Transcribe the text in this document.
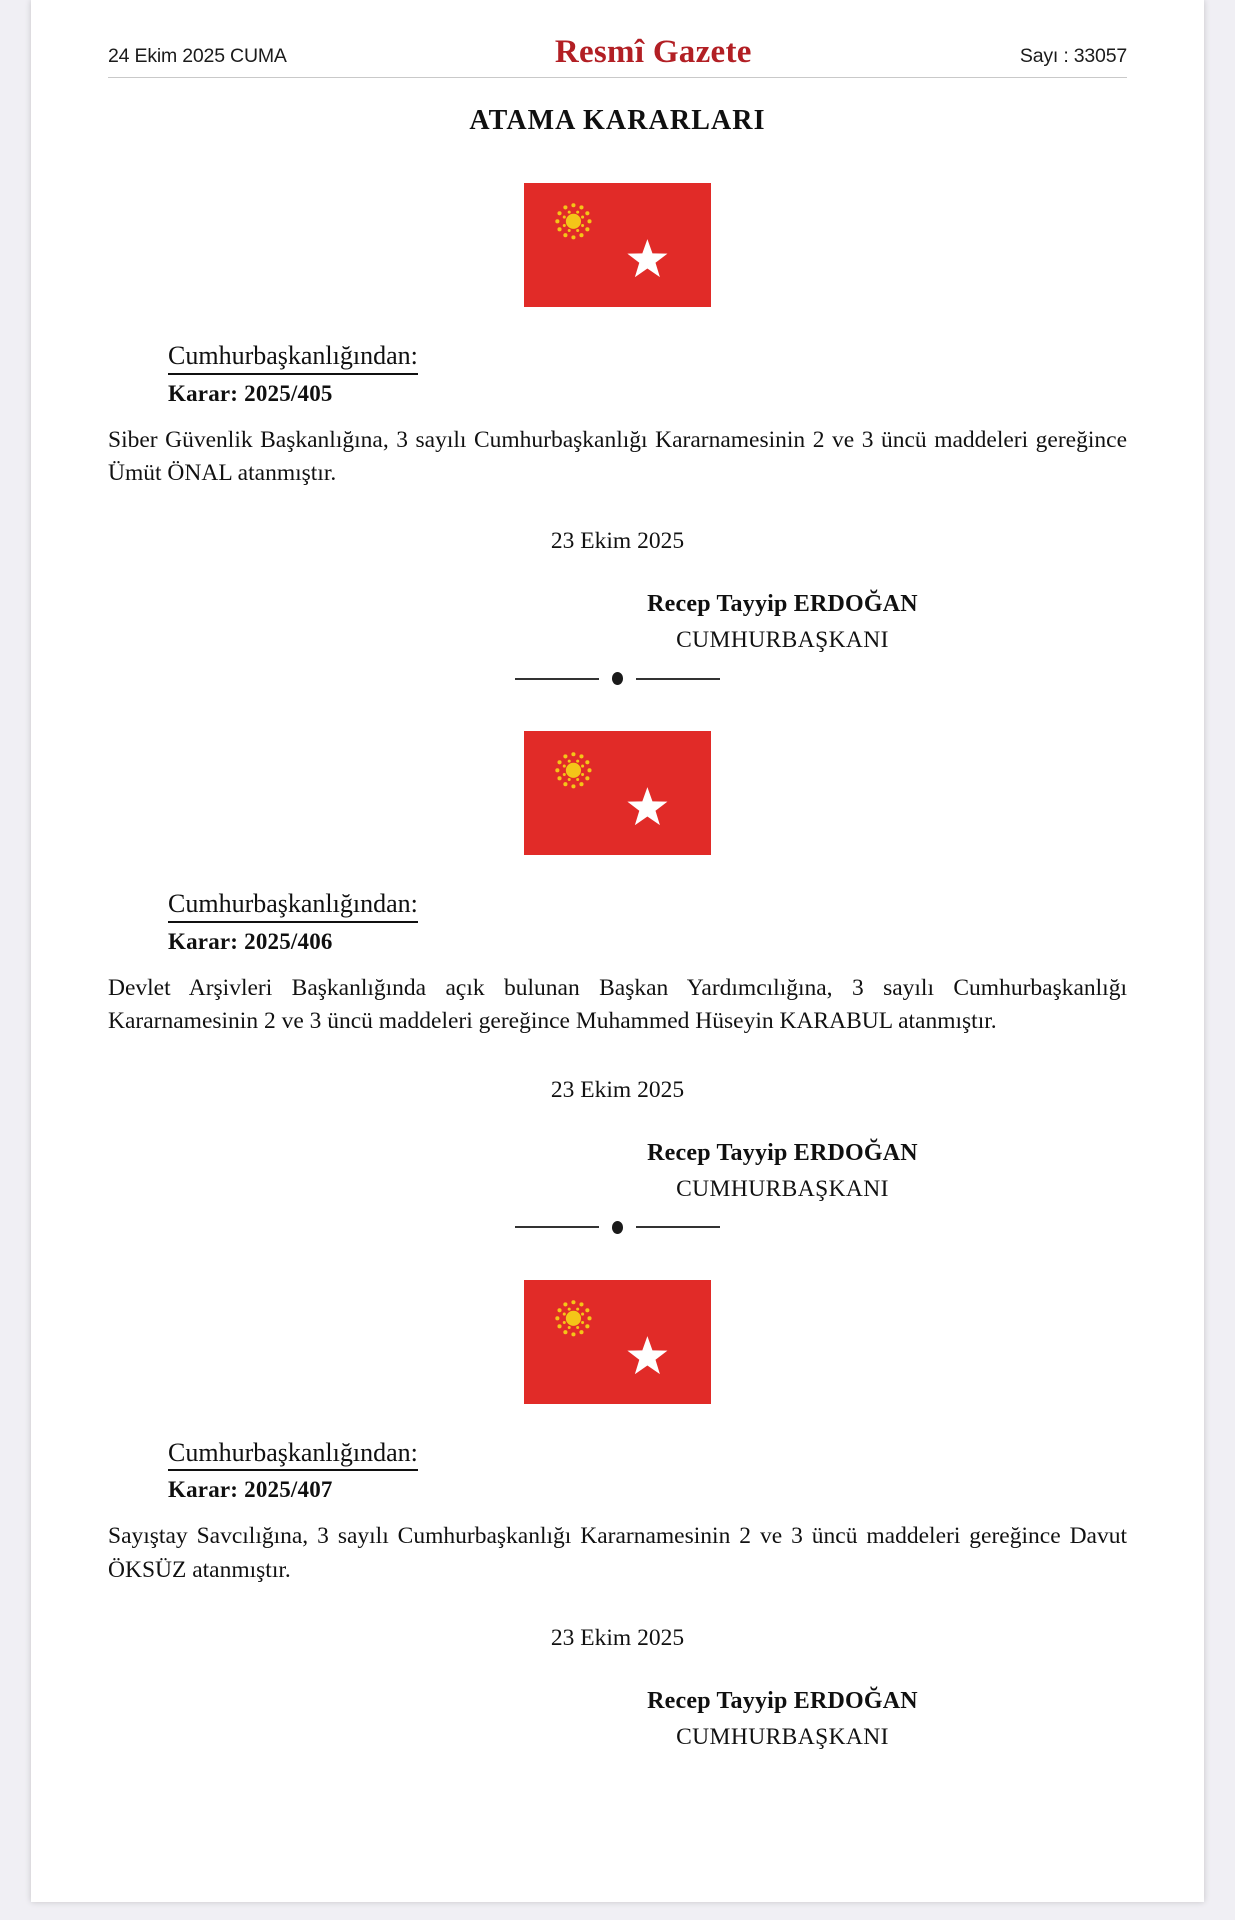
24 Ekim 2025 CUMA	Resmî Gazete	Sayı : 33057
ATAMA KARARLARI
Cumhurbaşkanlığından:
Karar: 2025/405

Siber Güvenlik Başkanlığına, 3 sayılı Cumhurbaşkanlığı Kararnamesinin 2 ve 3 üncü maddeleri gereğince Ümüt ÖNAL atanmıştır.

23 Ekim 2025
Recep Tayyip ERDOĞAN
CUMHURBAŞKANI
Cumhurbaşkanlığından:
Karar: 2025/406

Devlet Arşivleri Başkanlığında açık bulunan Başkan Yardımcılığına, 3 sayılı Cumhurbaşkanlığı Kararnamesinin 2 ve 3 üncü maddeleri gereğince Muhammed Hüseyin KARABUL atanmıştır.

23 Ekim 2025
Recep Tayyip ERDOĞAN
CUMHURBAŞKANI
Cumhurbaşkanlığından:
Karar: 2025/407

Sayıştay Savcılığına, 3 sayılı Cumhurbaşkanlığı Kararnamesinin 2 ve 3 üncü maddeleri gereğince Davut ÖKSÜZ atanmıştır.

23 Ekim 2025
Recep Tayyip ERDOĞAN
CUMHURBAŞKANI
